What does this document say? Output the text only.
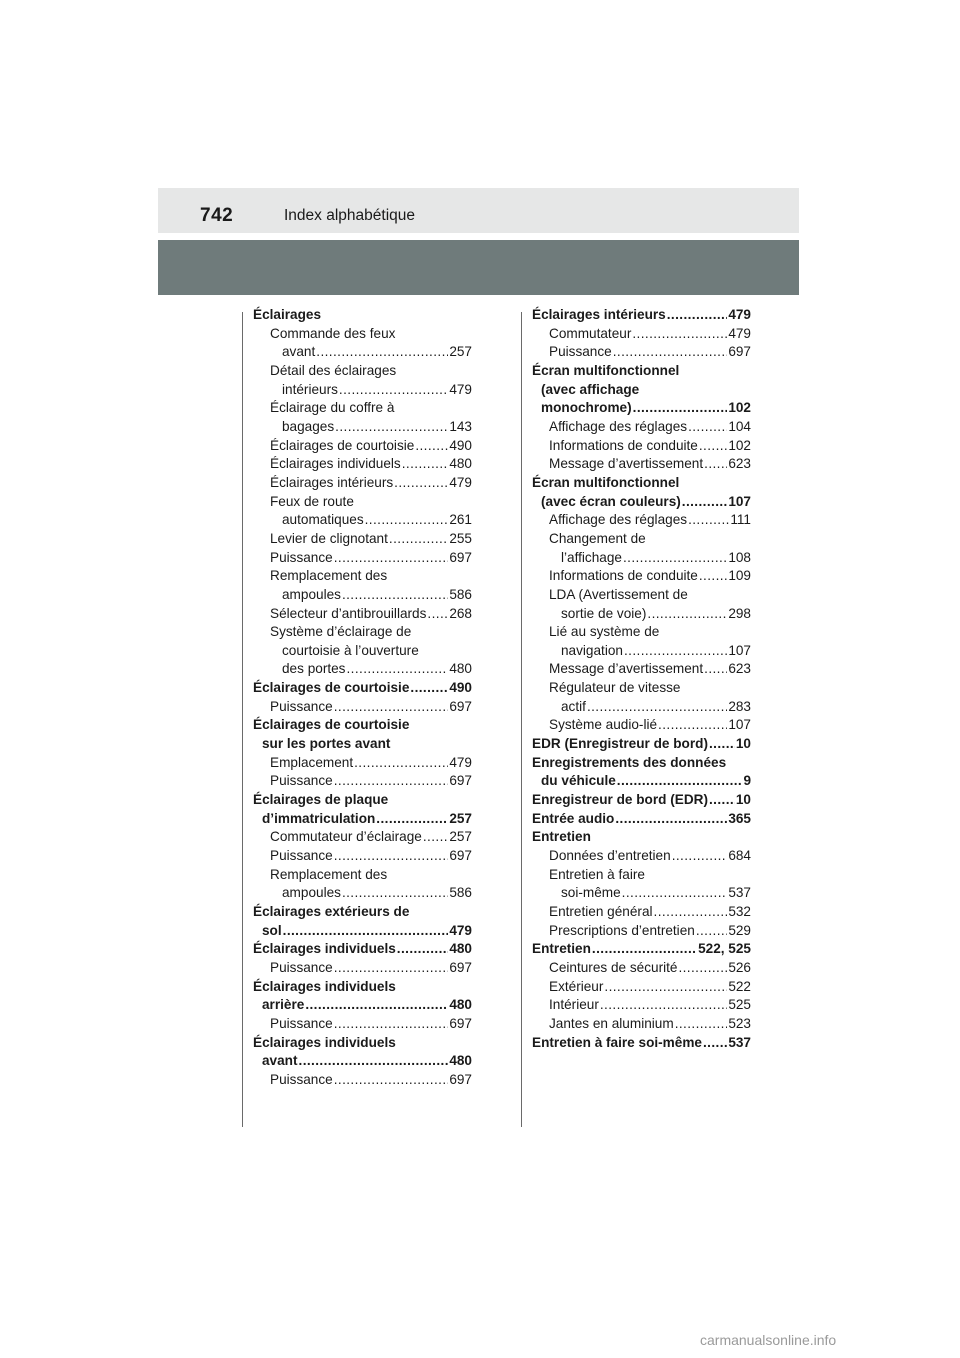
742	Index alphabétique
Éclairages
Commande des feux
avant .....	257
Détail des éclairages
intérieurs .....	479
Éclairage du coffre à
bagages .....	143
Éclairages de courtoisie .....	490
Éclairages individuels .....	480
Éclairages intérieurs .....	479
Feux de route
automatiques .....	261
Levier de clignotant .....	255
Puissance .....	697
Remplacement des
ampoules .....	586
Sélecteur d’antibrouillards ..... 268
Système d’éclairage de
courtoisie à l’ouverture
des portes .....	480
Éclairages de courtoisie .....	490
Puissance .....	697
Éclairages de courtoisie
sur les portes avant
Emplacement .....	479
Puissance .....	697
Éclairages de plaque
d’immatriculation .....	257
Commutateur d’éclairage ..... 257
Puissance .....	697
Remplacement des
ampoules .....	586
Éclairages extérieurs de
sol .....	479
Éclairages individuels .....	480
Puissance .....	697
Éclairages individuels
arrière .....	480
Puissance .....	697
Éclairages individuels
avant .....	480
Puissance .....	697
Éclairages intérieurs .....	479
Commutateur .....	479
Puissance .....	697
Écran multifonctionnel
(avec affichage
monochrome) .....	102
Affichage des réglages .....	104
Informations de conduite ..... 102
Message d’avertissement ..... 623
Écran multifonctionnel
(avec écran couleurs) .....	107
Affichage des réglages .....	111
Changement de
l’affichage .....	108
Informations de conduite ..... 109
LDA (Avertissement de
sortie de voie) .....	298
Lié au système de
navigation .....	107
Message d’avertissement ..... 623
Régulateur de vitesse
actif .....	283
Système audio-lié .....	107
EDR (Enregistreur de bord) ..... 10
Enregistrements des données
du véhicule .....	9
Enregistreur de bord (EDR) ..... 10
Entrée audio .....	365
Entretien
Données d’entretien .....	684
Entretien à faire
soi-même .....	537
Entretien général .....	532
Prescriptions d’entretien ..... 529
Entretien .....	522, 525
Ceintures de sécurité .....	526
Extérieur .....	522
Intérieur .....	525
Jantes en aluminium .....	523
Entretien à faire soi-même ..... 537
carmanualsonline.info
